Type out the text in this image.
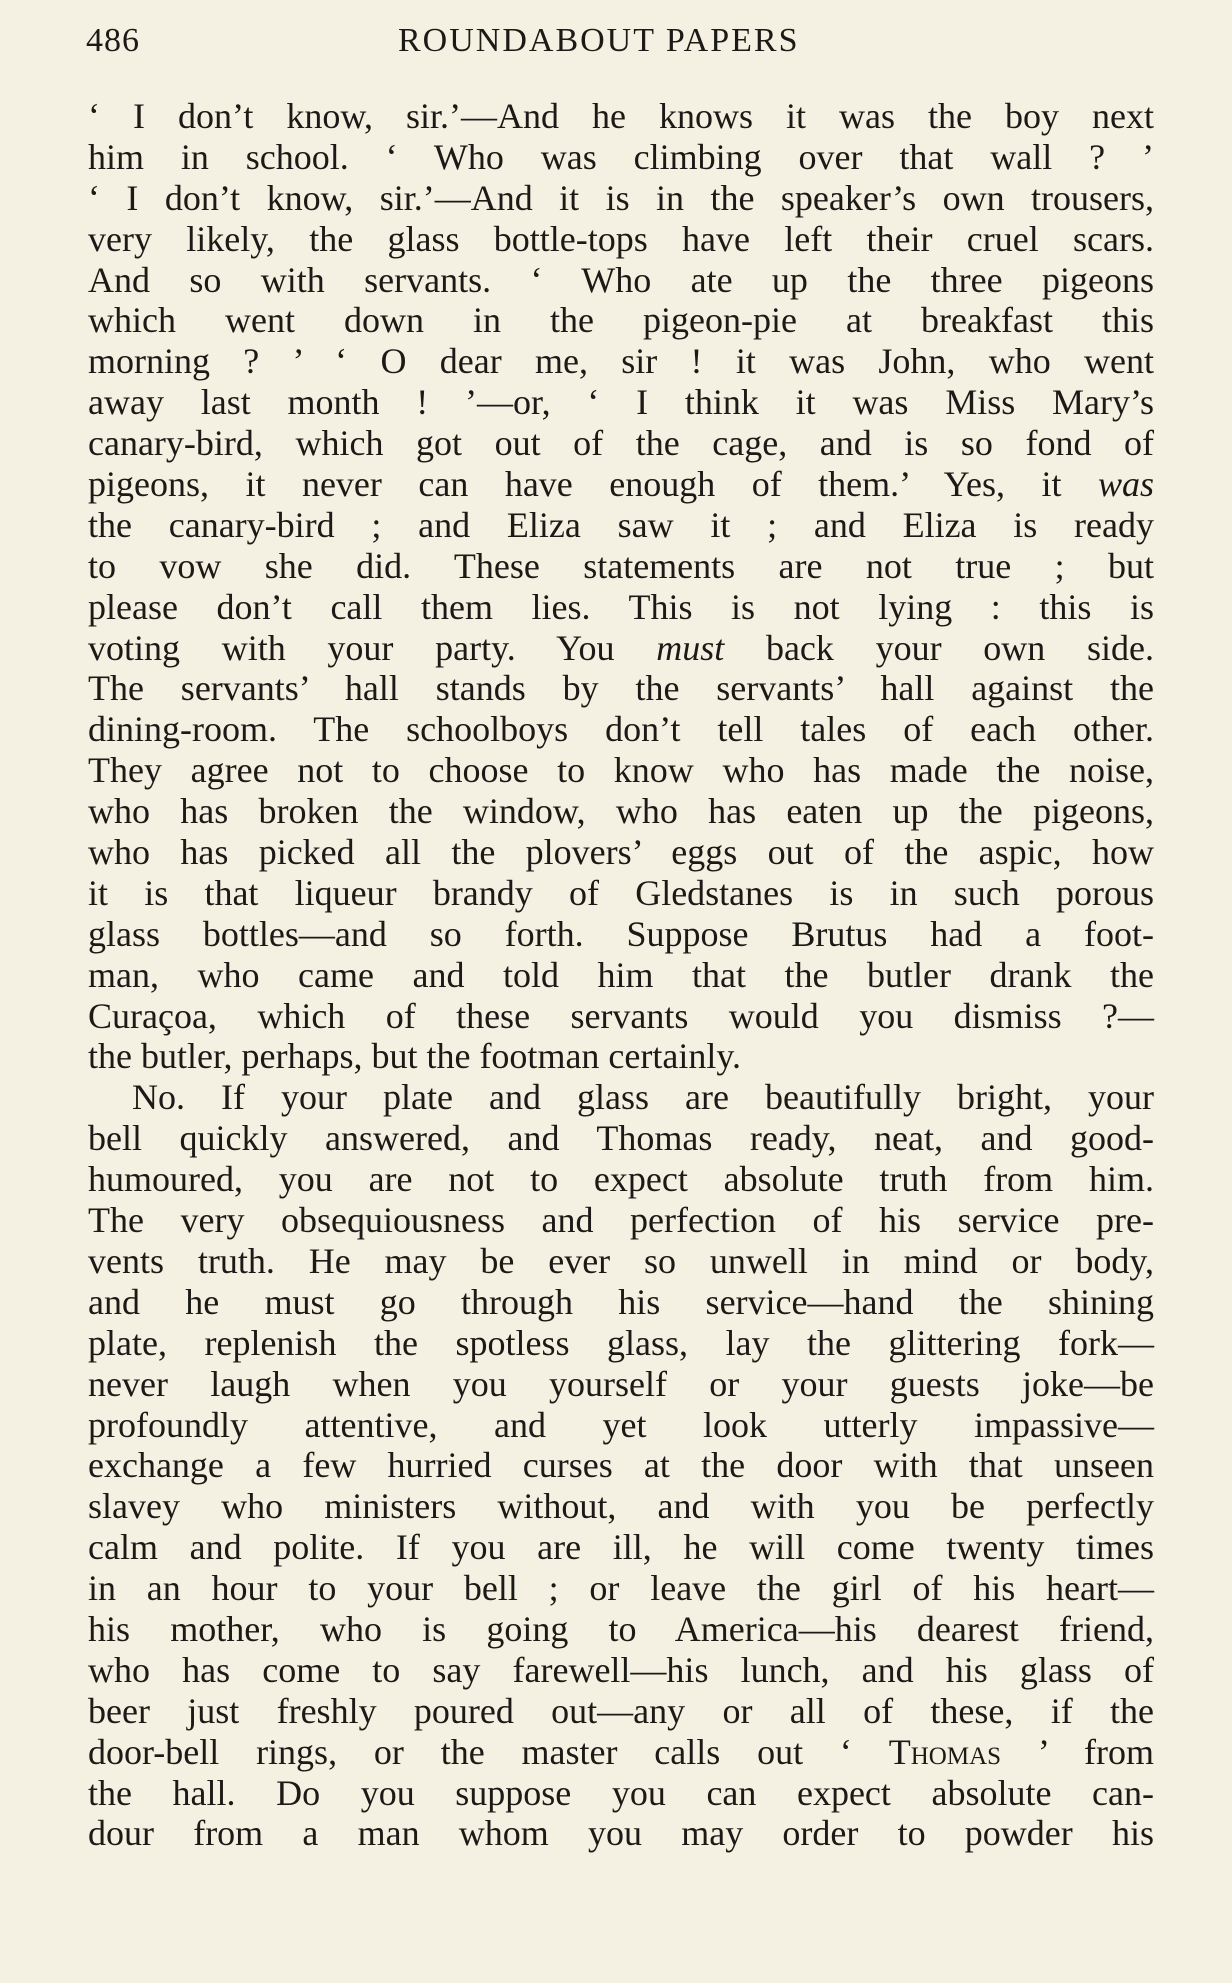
486	ROUNDABOUT PAPERS
‘ I don’t know, sir.’—And he knows it was the boy next
him in school. ‘ Who was climbing over that wall ? ’
‘ I don’t know, sir.’—And it is in the speaker’s own trousers,
very likely, the glass bottle-tops have left their cruel scars.
And so with servants. ‘ Who ate up the three pigeons
which went down in the pigeon-pie at breakfast this
morning ? ’ ‘ O dear me, sir ! it was John, who went
away last month ! ’—or, ‘ I think it was Miss Mary’s
canary-bird, which got out of the cage, and is so fond of
pigeons, it never can have enough of them.’ Yes, it was
the canary-bird ; and Eliza saw it ; and Eliza is ready
to vow she did. These statements are not true ; but
please don’t call them lies. This is not lying : this is
voting with your party. You must back your own side.
The servants’ hall stands by the servants’ hall against the
dining-room. The schoolboys don’t tell tales of each other.
They agree not to choose to know who has made the noise,
who has broken the window, who has eaten up the pigeons,
who has picked all the plovers’ eggs out of the aspic, how
it is that liqueur brandy of Gledstanes is in such porous
glass bottles—and so forth. Suppose Brutus had a foot-
man, who came and told him that the butler drank the
Curaçoa, which of these servants would you dismiss ?—
the butler, perhaps, but the footman certainly.
No. If your plate and glass are beautifully bright, your
bell quickly answered, and Thomas ready, neat, and good-
humoured, you are not to expect absolute truth from him.
The very obsequiousness and perfection of his service pre-
vents truth. He may be ever so unwell in mind or body,
and he must go through his service—hand the shining
plate, replenish the spotless glass, lay the glittering fork—
never laugh when you yourself or your guests joke—be
profoundly attentive, and yet look utterly impassive—
exchange a few hurried curses at the door with that unseen
slavey who ministers without, and with you be perfectly
calm and polite. If you are ill, he will come twenty times
in an hour to your bell ; or leave the girl of his heart—
his mother, who is going to America—his dearest friend,
who has come to say farewell—his lunch, and his glass of
beer just freshly poured out—any or all of these, if the
door-bell rings, or the master calls out ‘ Thomas ’ from
the hall. Do you suppose you can expect absolute can-
dour from a man whom you may order to powder his
